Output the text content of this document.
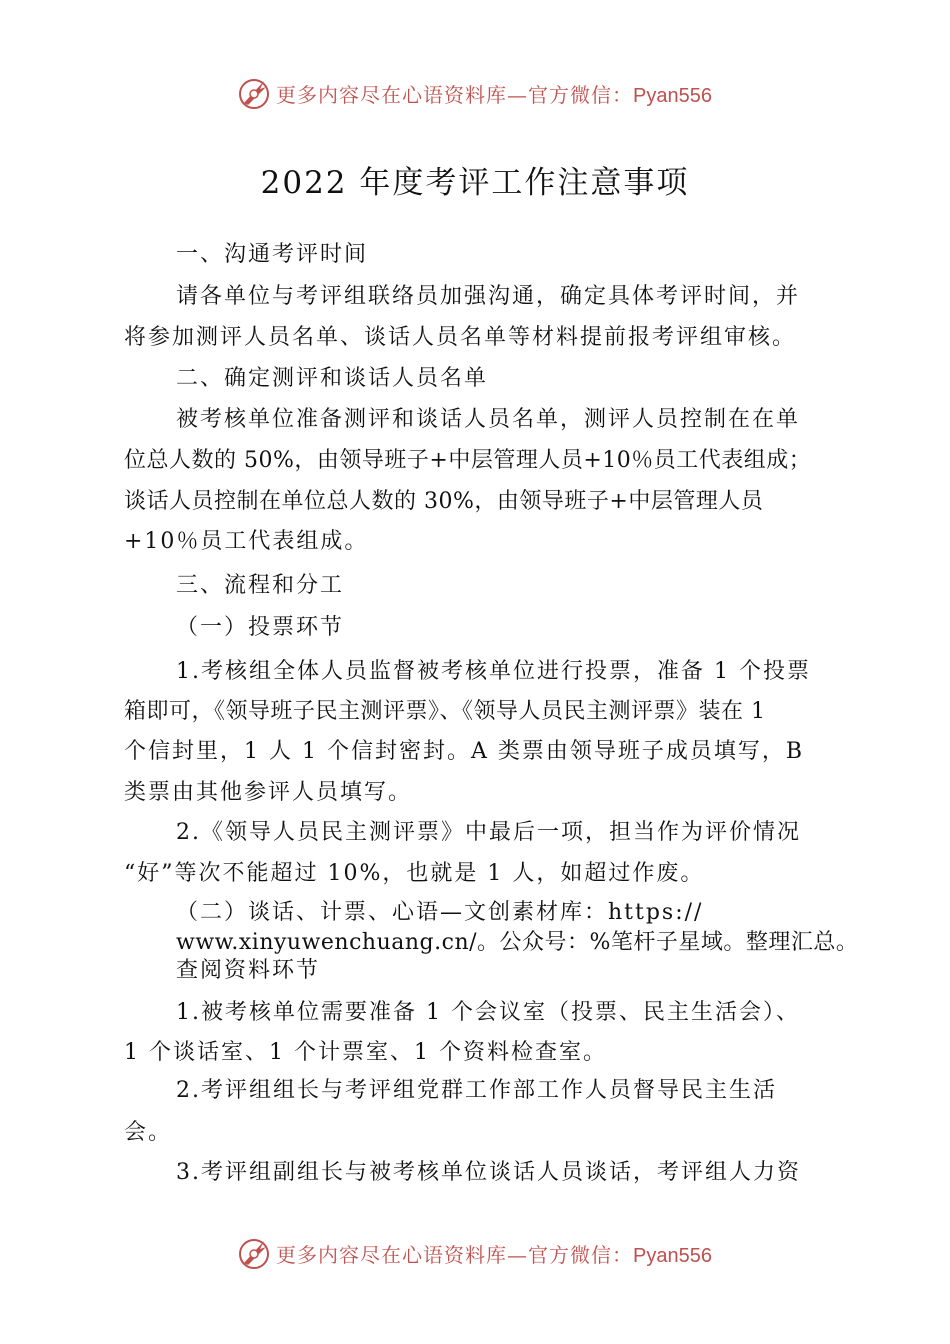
更多内容尽在心语资料库—官方微信：Pyan556
2022 年度考评工作注意事项
一、沟通考评时间
请各单位与考评组联络员加强沟通，确定具体考评时间，并
将参加测评人员名单、谈话人员名单等材料提前报考评组审核。
二、确定测评和谈话人员名单
被考核单位准备测评和谈话人员名单，测评人员控制在在单
位总人数的 50%，由领导班子+中层管理人员+10％员工代表组成；
谈话人员控制在单位总人数的 30%，由领导班子+中层管理人员
+10％员工代表组成。
三、流程和分工
（一）投票环节
1.考核组全体人员监督被考核单位进行投票，准备 1 个投票
箱即可，《领导班子民主测评票》、《领导人员民主测评票》装在 1
个信封里，1 人 1 个信封密封。A 类票由领导班子成员填写，B
类票由其他参评人员填写。
2.《领导人员民主测评票》中最后一项，担当作为评价情况
“好”等次不能超过 10%，也就是 1 人，如超过作废。
（二）谈话、计票、心语—文创素材库：https://
www.xinyuwenchuang.cn/。公众号：%笔杆子星域。整理汇总。
查阅资料环节
1.被考核单位需要准备 1 个会议室（投票、民主生活会）、
1 个谈话室、1 个计票室、1 个资料检查室。
2.考评组组长与考评组党群工作部工作人员督导民主生活
会。
3.考评组副组长与被考核单位谈话人员谈话，考评组人力资
更多内容尽在心语资料库—官方微信：Pyan556
